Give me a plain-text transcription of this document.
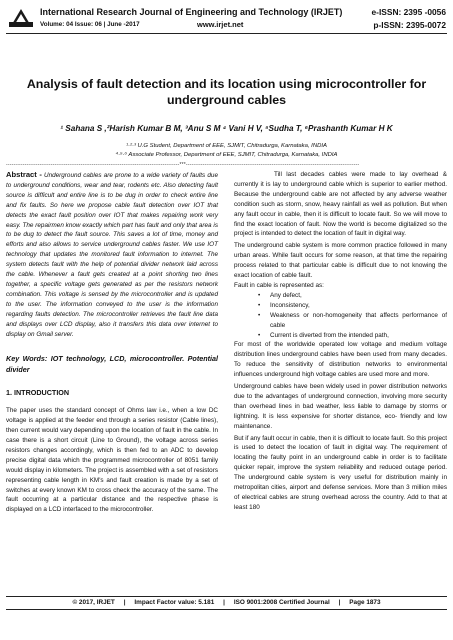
International Research Journal of Engineering and Technology (IRJET)	e-ISSN: 2395 -0056
Volume: 04 Issue: 06 | June -2017	www.irjet.net	p-ISSN: 2395-0072
Analysis of fault detection and its location using microcontroller for underground cables
¹ Sahana S ,²Harish Kumar B M, ³Anu S M ⁴ Vani H V, ⁵Sudha T, ⁶Prashanth Kumar H K
¹·²·³ U.G Student, Department of EEE, SJMIT, Chitradurga, Karnataka, INDIA
⁴·⁵·⁶ Associate Professor, Department of EEE, SJMIT, Chitradurga, Karnataka, INDIA
---------------------------------------------------------------------------------------------***---------------------------------------------------------------------------------------------

Abstract - Underground cables are prone to a wide variety of faults due to underground conditions, wear and tear, rodents etc. Also detecting fault source is difficult and entire line is to be dug in order to check entire line and fix faults. So here we propose cable fault detection over IOT that detects the exact fault position over IOT that makes repairing work very easy. The repairmen know exactly which part has fault and only that area is to be dug to detect the fault source. This saves a lot of time, money and efforts and also allows to service underground cables faster. We use IOT technology that updates the monitored fault information to internet. The system detects fault with the help of potential divider network laid across the cable. Whenever a fault gets created at a point shorting two lines together, a specific voltage gets generated as per the resistors network combination. This voltage is sensed by the microcontroller and is updated to the user. The information conveyed to the user is the information regarding faults detection. The microcontroller retrieves the fault line data and displays over LCD display, also it transfers this data over internet to display on Gmail server.

Key Words: IOT technology, LCD, microcontroller. Potential divider

1. INTRODUCTION

The paper uses the standard concept of Ohms law i.e., when a low DC voltage is applied at the feeder end through a series resistor (Cable lines), then current would vary depending upon the location of fault in the cable. In case there is a short circuit (Line to Ground), the voltage across series resistors changes accordingly, which is then fed to an ADC to develop precise digital data which the programmed microcontroller of 8051 family would display in kilometers. The project is assembled with a set of resistors representing cable length in KM's and fault creation is made by a set of switches at every known KM to cross check the accuracy of the same. The fault occurring at a particular distance and the respective phase is displayed on a LCD interfaced to the microcontroller.

Till last decades cables were made to lay overhead & currently it is lay to underground cable which is superior to earlier method. Because the underground cable are not affected by any adverse weather condition such as storm, snow, heavy rainfall as well as pollution. But when any fault occur in cable, then it is difficult to locate fault. So we will move to find the exact location of fault. Now the world is become digitalized so the project is intended to detect the location of fault in digital way.

The underground cable system is more common practice followed in many urban areas. While fault occurs for some reason, at that time the repairing process related to that particular cable is difficult due to not knowing the exact location of cable fault.

Fault in cable is represented as:

• Any defect,
• Inconsistency,
• Weakness or non-homogeneity that affects performance of cable
• Current is diverted from the intended path,

For most of the worldwide operated low voltage and medium voltage distribution lines underground cables have been used from many decades. To reduce the sensitivity of distribution networks to environmental influences underground high voltage cables are used more and more.

Underground cables have been widely used in power distribution networks due to the advantages of underground connection, involving more security than overhead lines in bad weather, less liable to damage by storms or lightning. It is less expensive for shorter distance, eco- friendly and low maintenance.

But if any fault occur in cable, then it is difficult to locate fault. So this project is used to detect the location of fault in digital way. The requirement of locating the faulty point in an underground cable in order is to facilitate quicker repair, improve the system reliability and reduced outage period. The underground cable system is very useful for distribution mainly in metropolitan cities, airport and defense services. More than 3 million miles of electrical cables are strung overhead across the country. Add to that at least 180

© 2017, IRJET     |     Impact Factor value: 5.181     |     ISO 9001:2008 Certified Journal     |     Page 1873
